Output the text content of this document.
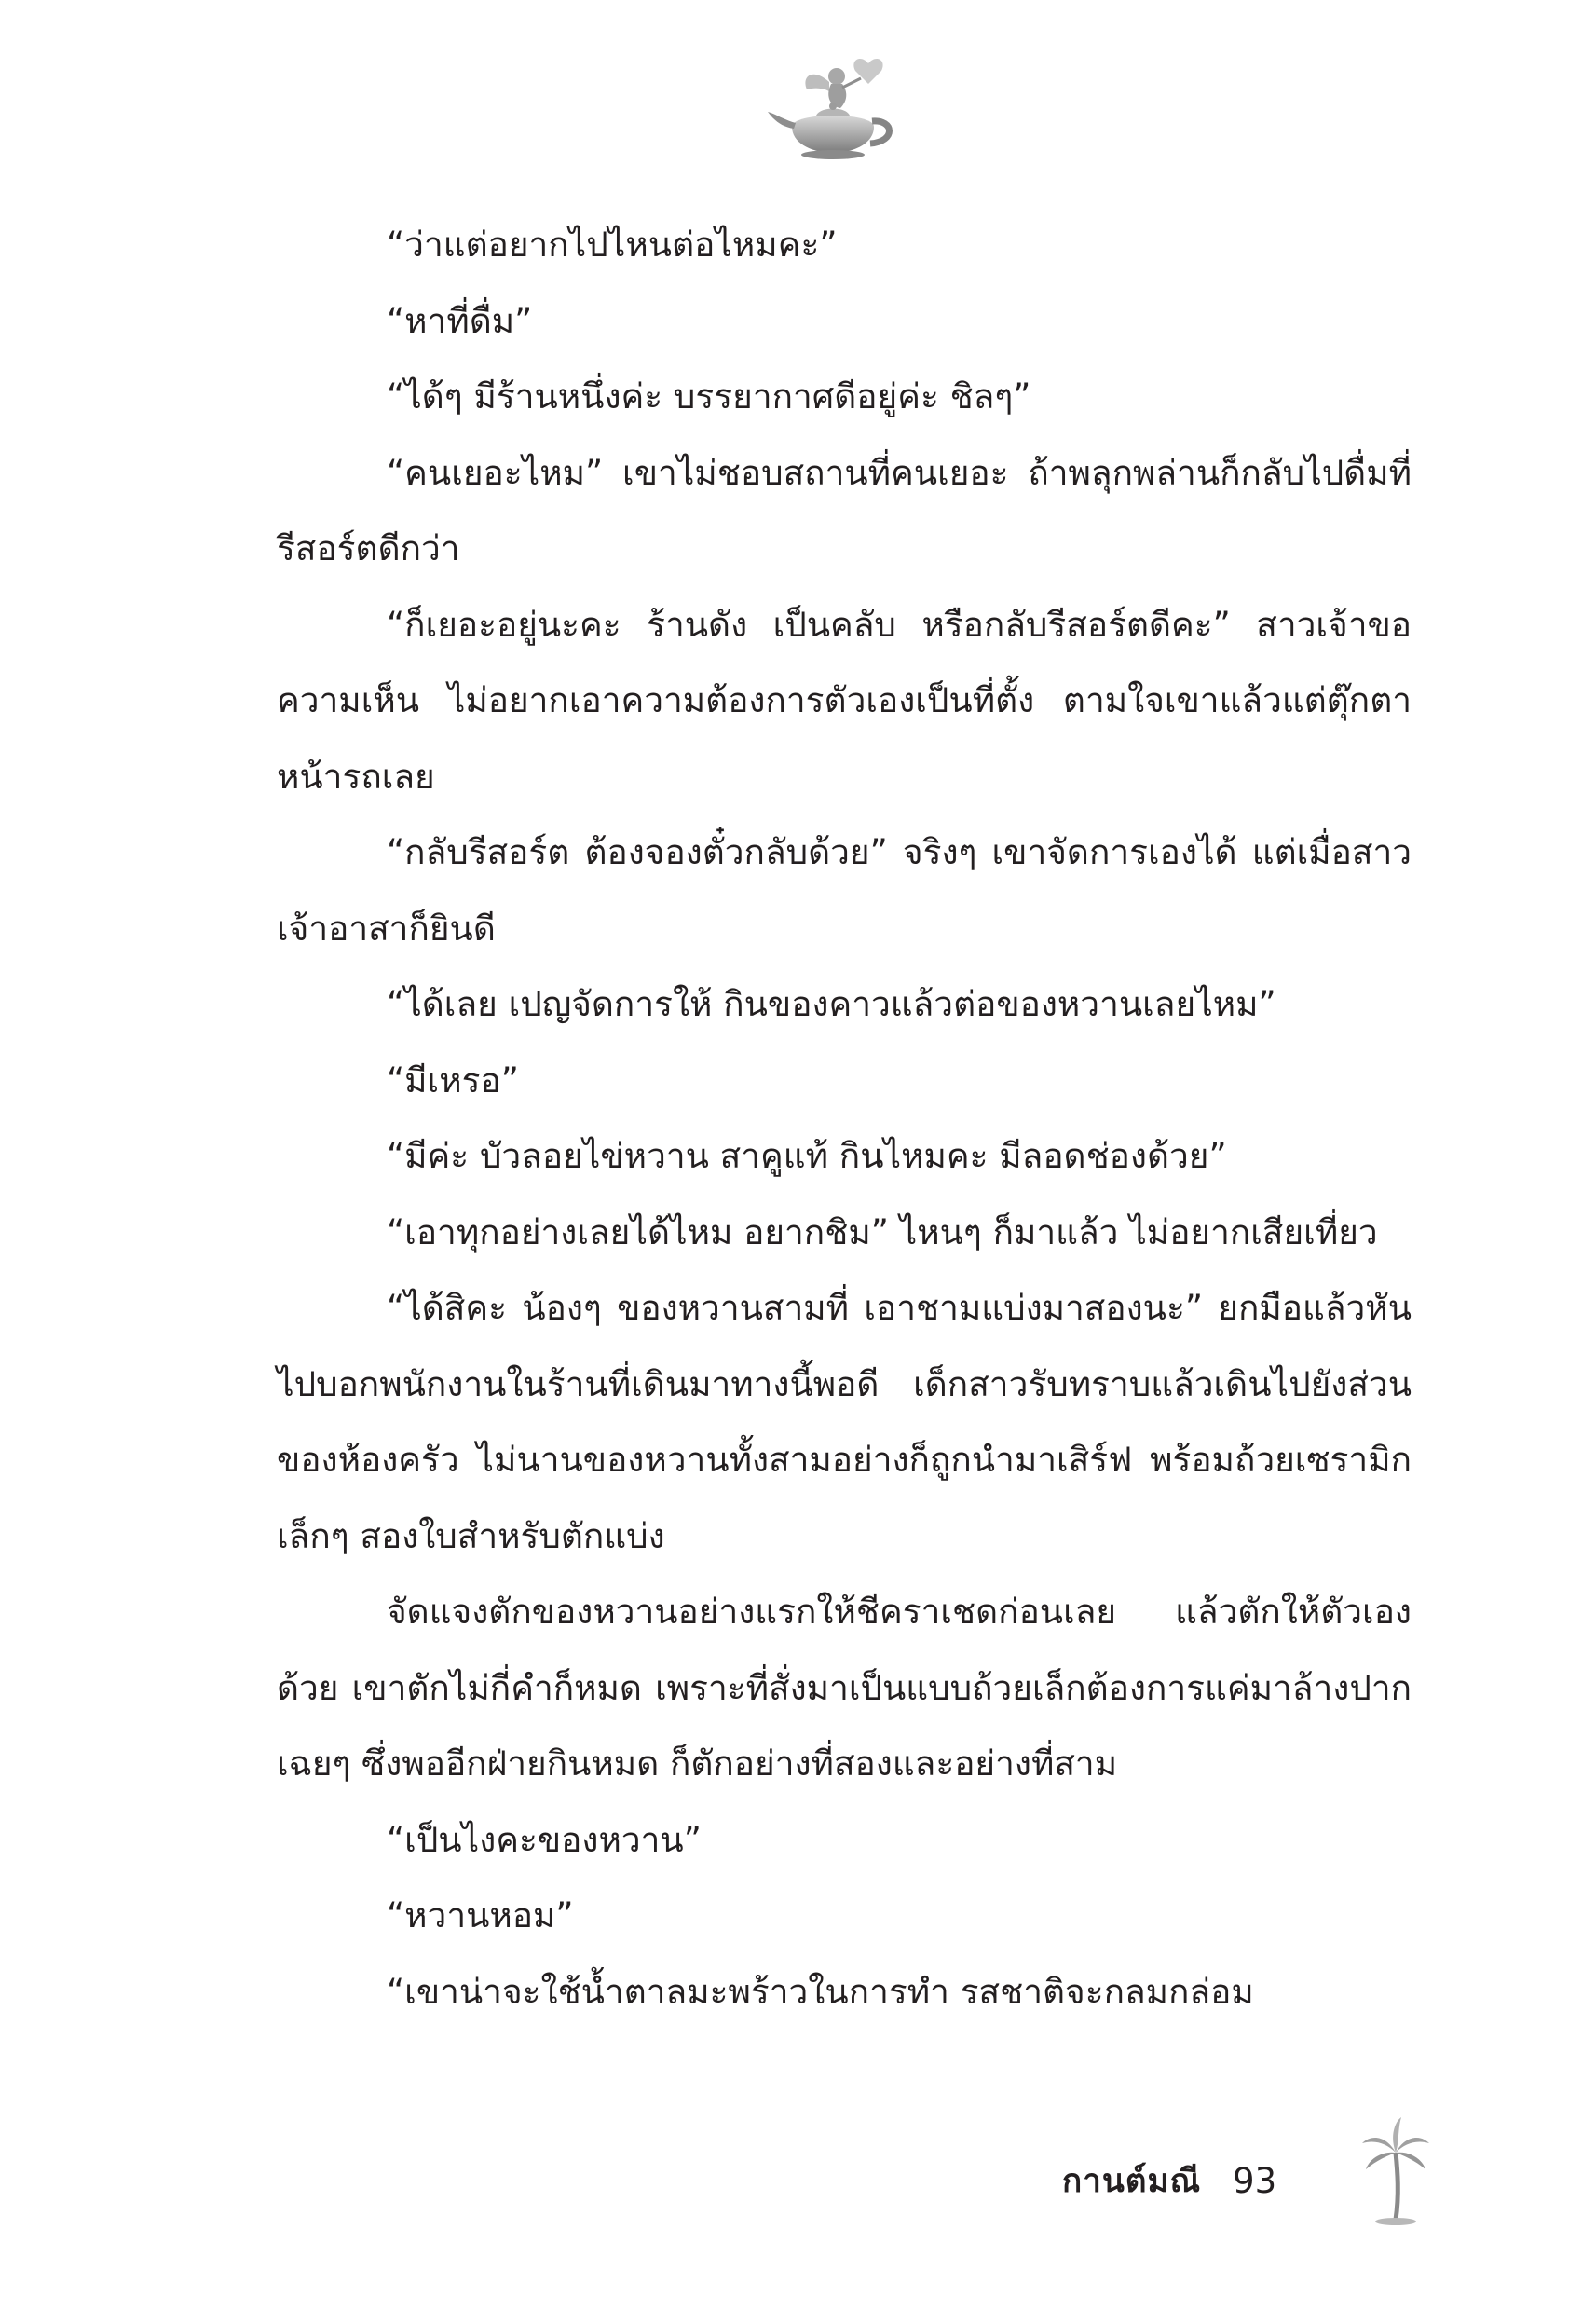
“ว่าแต่อยากไปไหนต่อไหมคะ”

“หาที่ดื่ม”

“ได้ๆ มีร้านหนึ่งค่ะ บรรยากาศดีอยู่ค่ะ ชิลๆ”

“คนเยอะไหม” เขาไม่ชอบสถานที่คนเยอะ ถ้าพลุกพล่านก็กลับไปดื่มที่รีสอร์ตดีกว่า

“ก็เยอะอยู่นะคะ ร้านดัง เป็นคลับ หรือกลับรีสอร์ตดีคะ” สาวเจ้าขอความเห็น ไม่อยากเอาความต้องการตัวเองเป็นที่ตั้ง ตามใจเขาแล้วแต่ตุ๊กตาหน้ารถเลย

“กลับรีสอร์ต ต้องจองตั๋วกลับด้วย” จริงๆ เขาจัดการเองได้ แต่เมื่อสาวเจ้าอาสาก็ยินดี

“ได้เลย เปญจัดการให้ กินของคาวแล้วต่อของหวานเลยไหม”

“มีเหรอ”

“มีค่ะ บัวลอยไข่หวาน สาคูแท้ กินไหมคะ มีลอดช่องด้วย”

“เอาทุกอย่างเลยได้ไหม อยากชิม” ไหนๆ ก็มาแล้ว ไม่อยากเสียเที่ยว

“ได้สิคะ น้องๆ ของหวานสามที่ เอาชามแบ่งมาสองนะ” ยกมือแล้วหันไปบอกพนักงานในร้านที่เดินมาทางนี้พอดี เด็กสาวรับทราบแล้วเดินไปยังส่วนของห้องครัว ไม่นานของหวานทั้งสามอย่างก็ถูกนำมาเสิร์ฟ พร้อมถ้วยเซรามิกเล็กๆ สองใบสำหรับตักแบ่ง

จัดแจงตักของหวานอย่างแรกให้ชีคราเชดก่อนเลย แล้วตักให้ตัวเองด้วย เขาตักไม่กี่คำก็หมด เพราะที่สั่งมาเป็นแบบถ้วยเล็กต้องการแค่มาล้างปากเฉยๆ ซึ่งพออีกฝ่ายกินหมด ก็ตักอย่างที่สองและอย่างที่สาม

“เป็นไงคะของหวาน”

“หวานหอม”

“เขาน่าจะใช้น้ำตาลมะพร้าวในการทำ รสชาติจะกลมกล่อม

กานต์มณี 93
